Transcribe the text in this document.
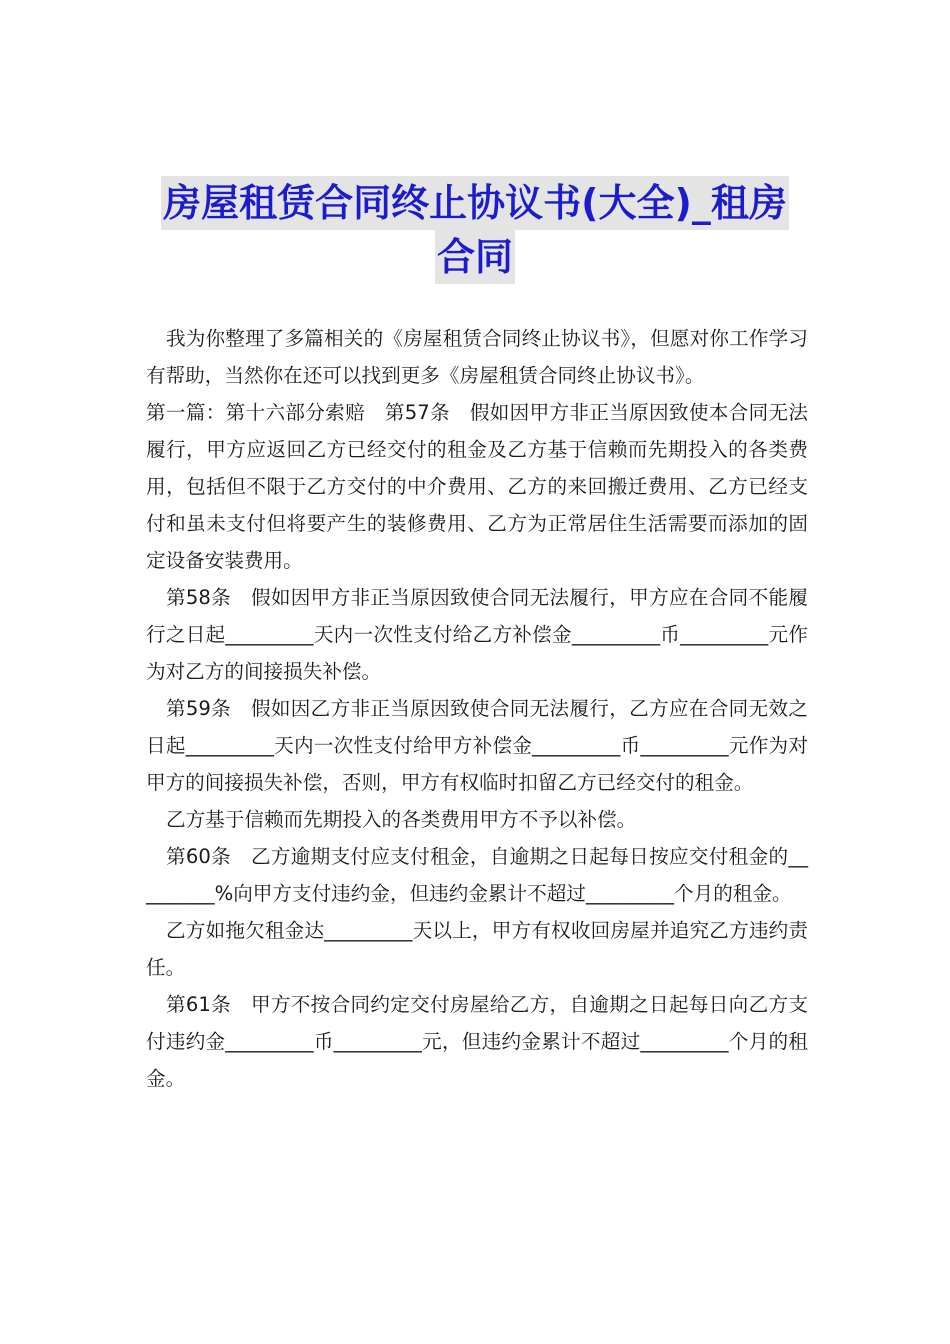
房屋租赁合同终止协议书(大全)_租房
合同

我为你整理了多篇相关的《房屋租赁合同终止协议书》，但愿对你工作学习有帮助，当然你在还可以找到更多《房屋租赁合同终止协议书》。

第一篇：第十六部分索赔　第57条　假如因甲方非正当原因致使本合同无法履行，甲方应返回乙方已经交付的租金及乙方基于信赖而先期投入的各类费用，包括但不限于乙方交付的中介费用、乙方的来回搬迁费用、乙方已经支付和虽未支付但将要产生的装修费用、乙方为正常居住生活需要而添加的固定设备安装费用。

第58条　假如因甲方非正当原因致使合同无法履行，甲方应在合同不能履行之日起_________天内一次性支付给乙方补偿金_________币_________元作为对乙方的间接损失补偿。

第59条　假如因乙方非正当原因致使合同无法履行，乙方应在合同无效之日起_________天内一次性支付给甲方补偿金_________币_________元作为对甲方的间接损失补偿，否则，甲方有权临时扣留乙方已经交付的租金。

乙方基于信赖而先期投入的各类费用甲方不予以补偿。

第60条　乙方逾期支付应支付租金，自逾期之日起每日按应交付租金的_________%向甲方支付违约金，但违约金累计不超过_________个月的租金。

乙方如拖欠租金达_________天以上，甲方有权收回房屋并追究乙方违约责任。

第61条　甲方不按合同约定交付房屋给乙方，自逾期之日起每日向乙方支付违约金_________币_________元，但违约金累计不超过_________个月的租金。
